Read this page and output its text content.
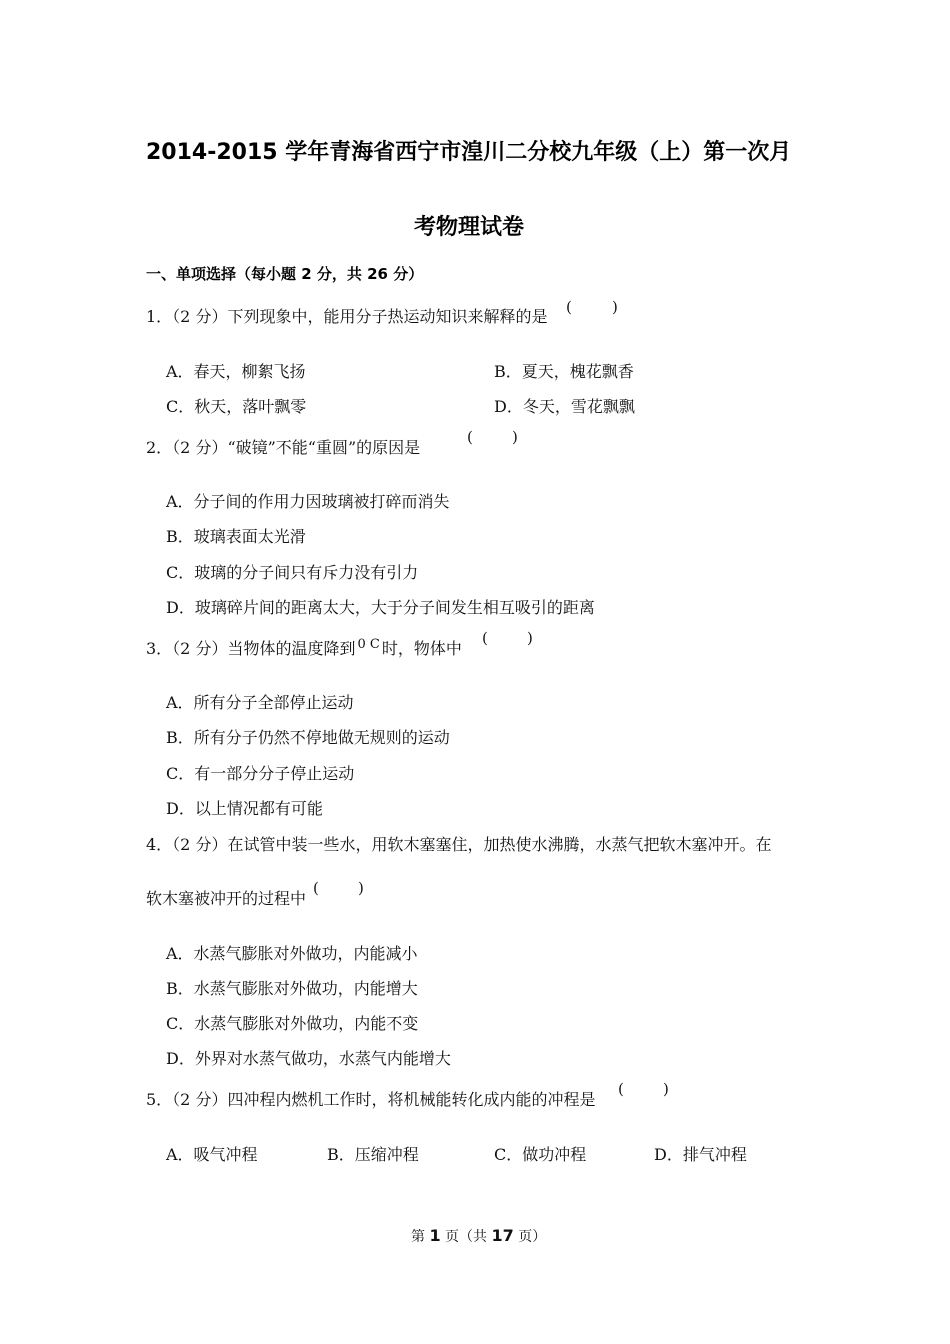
2014-2015 学年青海省西宁市湟川二分校九年级（上）第一次月
考物理试卷
一、单项选择（每小题 2 分，共 26 分）
1．（2 分）下列现象中，能用分子热运动知识来解释的是 (	)
A．春天，柳絮飞扬	B．夏天，槐花飘香
C．秋天，落叶飘零	D．冬天，雪花飘飘
2．（2 分）“破镜”不能“重圆”的原因是
(	)
A．分子间的作用力因玻璃被打碎而消失
B．玻璃表面太光滑
C．玻璃的分子间只有斥力没有引力
D．玻璃碎片间的距离太大，大于分子间发生相互吸引的距离
3．（2 分）当物体的温度降到 $^{0 C}$ 时，物体中
(	)
A．所有分子全部停止运动
B．所有分子仍然不停地做无规则的运动
C．有一部分分子停止运动
D．以上情况都有可能
4．（2 分）在试管中装一些水，用软木塞塞住，加热使水沸腾，水蒸气把软木塞冲开。在
软木塞被冲开的过程中
(	)
A．水蒸气膨胀对外做功，内能减小
B．水蒸气膨胀对外做功，内能增大
C．水蒸气膨胀对外做功，内能不变
D．外界对水蒸气做功，水蒸气内能增大
5．（2 分）四冲程内燃机工作时，将机械能转化成内能的冲程是
(	)
A．吸气冲程	B．压缩冲程	C．做功冲程	D．排气冲程
第 1 页（共 17 页）
